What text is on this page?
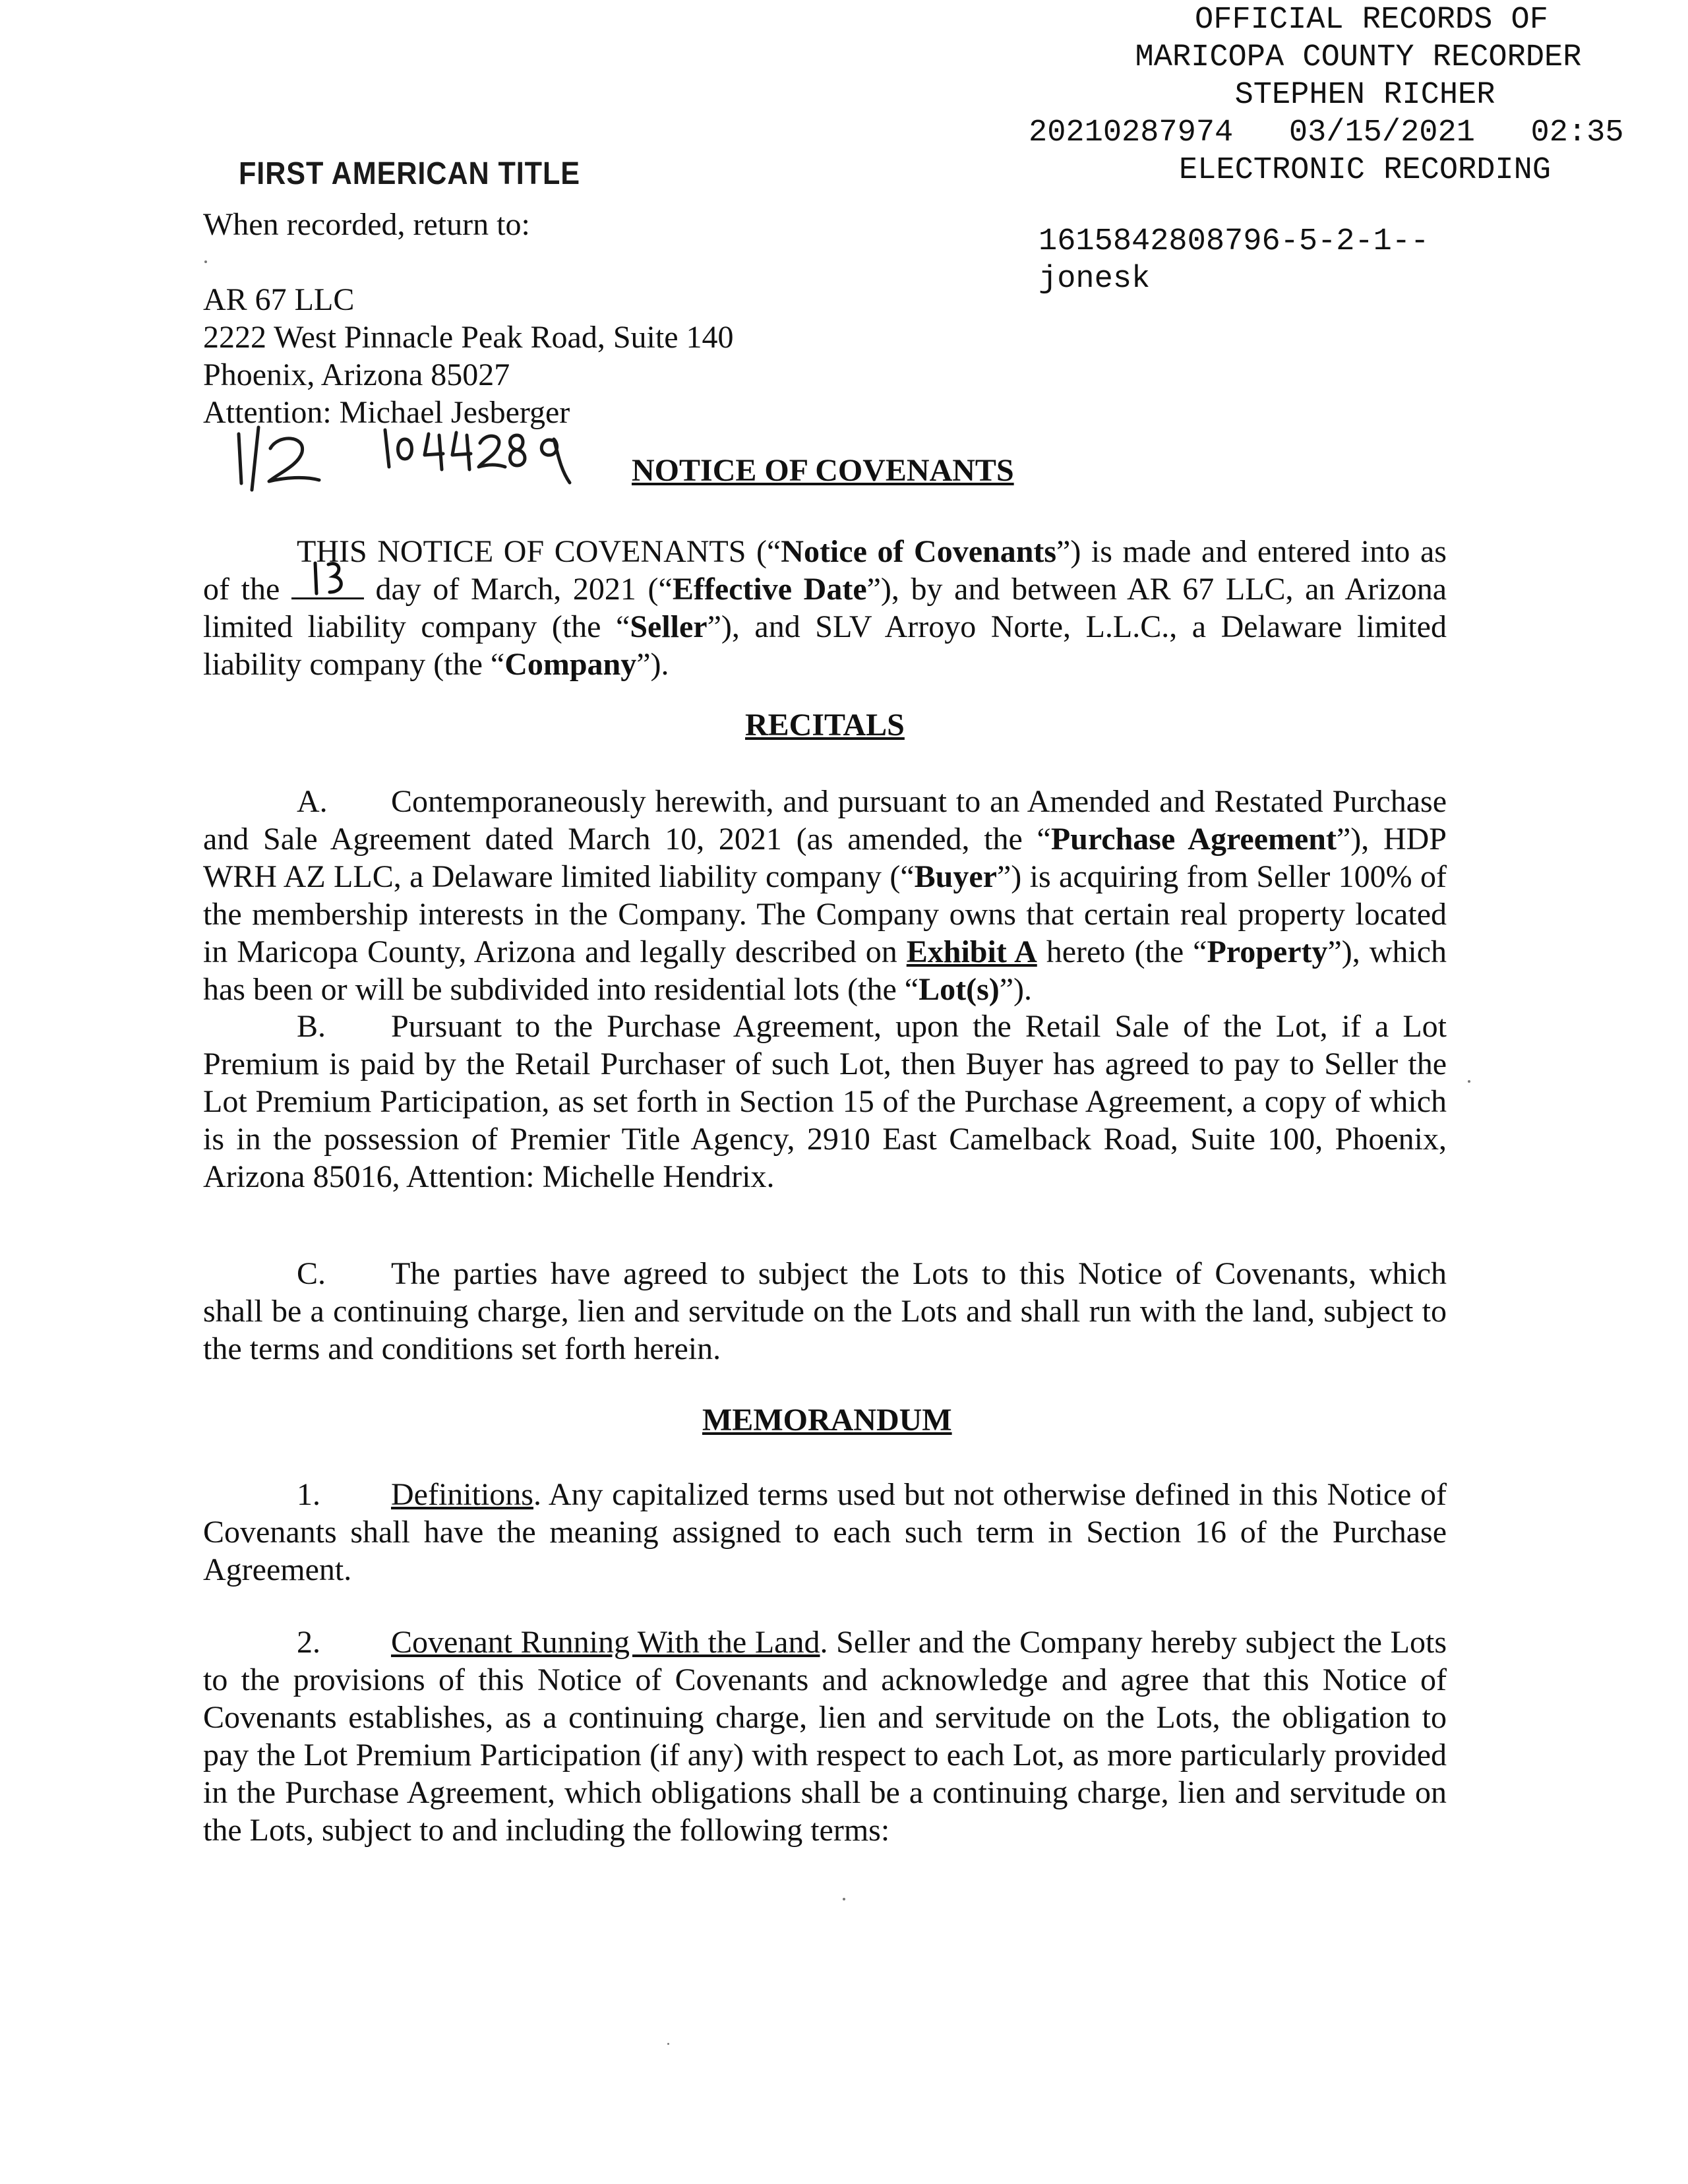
OFFICIAL RECORDS OF
MARICOPA COUNTY RECORDER
STEPHEN RICHER
20210287974   03/15/2021   02:35
ELECTRONIC RECORDING
FIRST AMERICAN TITLE
When recorded, return to:
AR 67 LLC
2222 West Pinnacle Peak Road, Suite 140
Phoenix, Arizona 85027
Attention: Michael Jesberger
1615842808796-5-2-1--
jonesk
NOTICE OF COVENANTS
THIS NOTICE OF COVENANTS (“Notice of Covenants”) is made and entered into as of the
day of March, 2021 (“Effective Date”), by and between AR 67 LLC, an Arizona limited liability company (the “Seller”), and SLV Arroyo Norte, L.L.C., a Delaware limited liability company (the “Company”).
RECITALS
A. Contemporaneously herewith, and pursuant to an Amended and Restated Purchase and Sale Agreement dated March 10, 2021 (as amended, the “Purchase Agreement”), HDP WRH AZ LLC, a Delaware limited liability company (“Buyer”) is acquiring from Seller 100% of the membership interests in the Company. The Company owns that certain real property located in Maricopa County, Arizona and legally described on Exhibit A hereto (the “Property”), which has been or will be subdivided into residential lots (the “Lot(s)”).
B. Pursuant to the Purchase Agreement, upon the Retail Sale of the Lot, if a Lot Premium is paid by the Retail Purchaser of such Lot, then Buyer has agreed to pay to Seller the Lot Premium Participation, as set forth in Section 15 of the Purchase Agreement, a copy of which is in the possession of Premier Title Agency, 2910 East Camelback Road, Suite 100, Phoenix, Arizona 85016, Attention: Michelle Hendrix.
C. The parties have agreed to subject the Lots to this Notice of Covenants, which shall be a continuing charge, lien and servitude on the Lots and shall run with the land, subject to the terms and conditions set forth herein.
MEMORANDUM
1. Definitions. Any capitalized terms used but not otherwise defined in this Notice of Covenants shall have the meaning assigned to each such term in Section 16 of the Purchase Agreement.
2. Covenant Running With the Land. Seller and the Company hereby subject the Lots to the provisions of this Notice of Covenants and acknowledge and agree that this Notice of Covenants establishes, as a continuing charge, lien and servitude on the Lots, the obligation to pay the Lot Premium Participation (if any) with respect to each Lot, as more particularly provided in the Purchase Agreement, which obligations shall be a continuing charge, lien and servitude on the Lots, subject to and including the following terms:
